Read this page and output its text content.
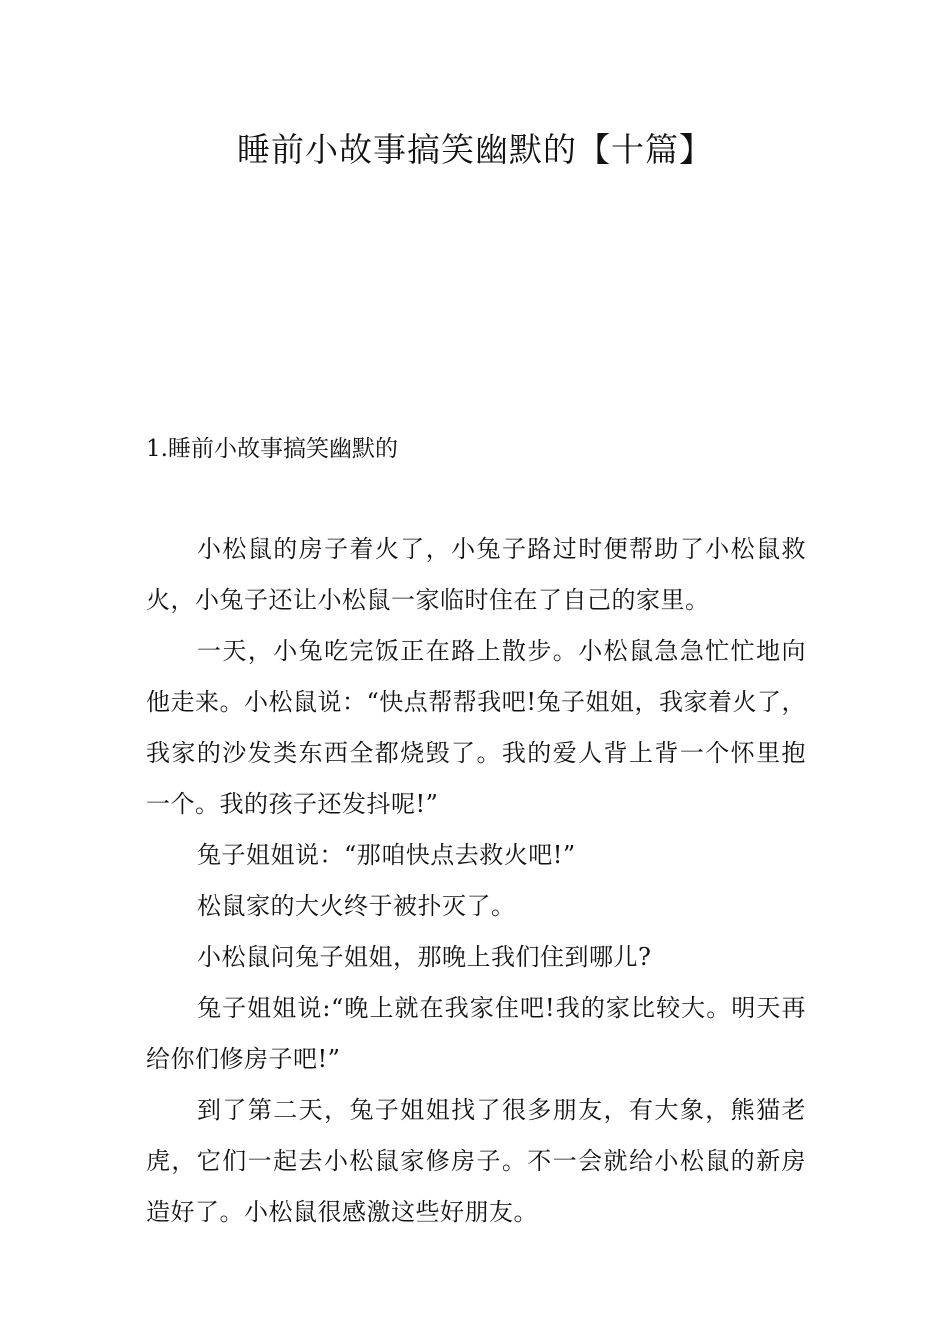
睡前小故事搞笑幽默的【十篇】
1.睡前小故事搞笑幽默的

小松鼠的房子着火了，小兔子路过时便帮助了小松鼠救火，小兔子还让小松鼠一家临时住在了自己的家里。

一天，小兔吃完饭正在路上散步。小松鼠急急忙忙地向他走来。小松鼠说：“快点帮帮我吧!兔子姐姐，我家着火了，我家的沙发类东西全都烧毁了。我的爱人背上背一个怀里抱一个。我的孩子还发抖呢!”

兔子姐姐说：“那咱快点去救火吧!”

松鼠家的大火终于被扑灭了。

小松鼠问兔子姐姐，那晚上我们住到哪儿?

兔子姐姐说:“晚上就在我家住吧!我的家比较大。明天再给你们修房子吧!”

到了第二天，兔子姐姐找了很多朋友，有大象，熊猫老虎，它们一起去小松鼠家修房子。不一会就给小松鼠的新房造好了。小松鼠很感激这些好朋友。
